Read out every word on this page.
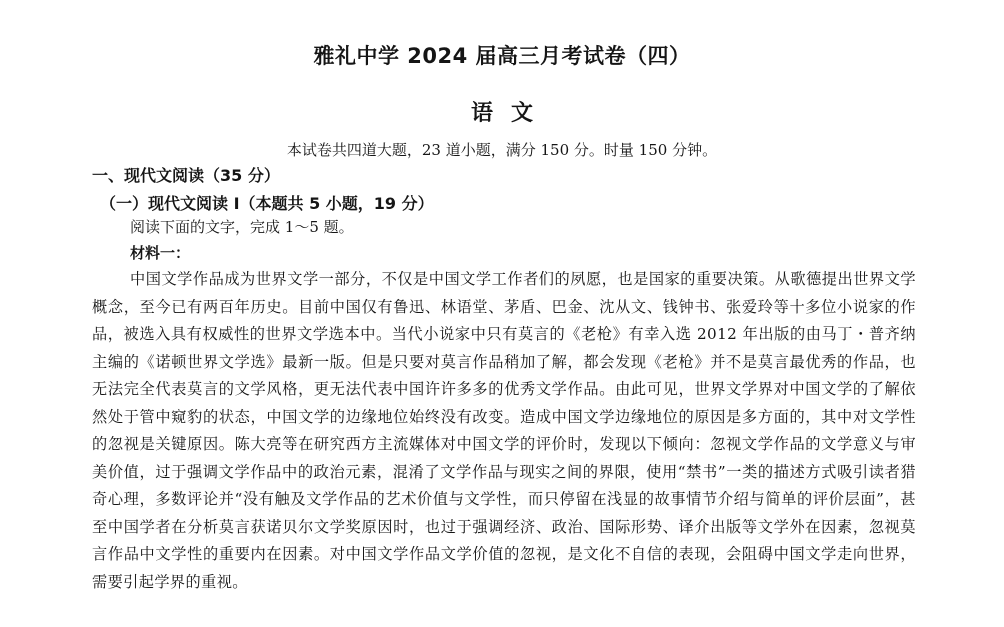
雅礼中学 2024 届高三月考试卷（四）
语文
本试卷共四道大题，23 道小题，满分 150 分。时量 150 分钟。
一、现代文阅读（35 分）
（一）现代文阅读 I（本题共 5 小题，19 分）
阅读下面的文字，完成 1～5 题。
材料一：
中国文学作品成为世界文学一部分，不仅是中国文学工作者们的夙愿，也是国家的重要决策。从歌德提出世界文学概念，至今已有两百年历史。目前中国仅有鲁迅、林语堂、茅盾、巴金、沈从文、钱钟书、张爱玲等十多位小说家的作品，被选入具有权威性的世界文学选本中。当代小说家中只有莫言的《老枪》有幸入选 2012 年出版的由马丁・普齐纳主编的《诺顿世界文学选》最新一版。但是只要对莫言作品稍加了解，都会发现《老枪》并不是莫言最优秀的作品，也无法完全代表莫言的文学风格，更无法代表中国许许多多的优秀文学作品。由此可见，世界文学界对中国文学的了解依然处于管中窥豹的状态，中国文学的边缘地位始终没有改变。造成中国文学边缘地位的原因是多方面的，其中对文学性的忽视是关键原因。陈大亮等在研究西方主流媒体对中国文学的评价时，发现以下倾向：忽视文学作品的文学意义与审美价值，过于强调文学作品中的政治元素，混淆了文学作品与现实之间的界限，使用“禁书”一类的描述方式吸引读者猎奇心理，多数评论并“没有触及文学作品的艺术价值与文学性，而只停留在浅显的故事情节介绍与简单的评价层面”，甚至中国学者在分析莫言获诺贝尔文学奖原因时，也过于强调经济、政治、国际形势、译介出版等文学外在因素，忽视莫言作品中文学性的重要内在因素。对中国文学作品文学价值的忽视，是文化不自信的表现，会阻碍中国文学走向世界，需要引起学界的重视。
